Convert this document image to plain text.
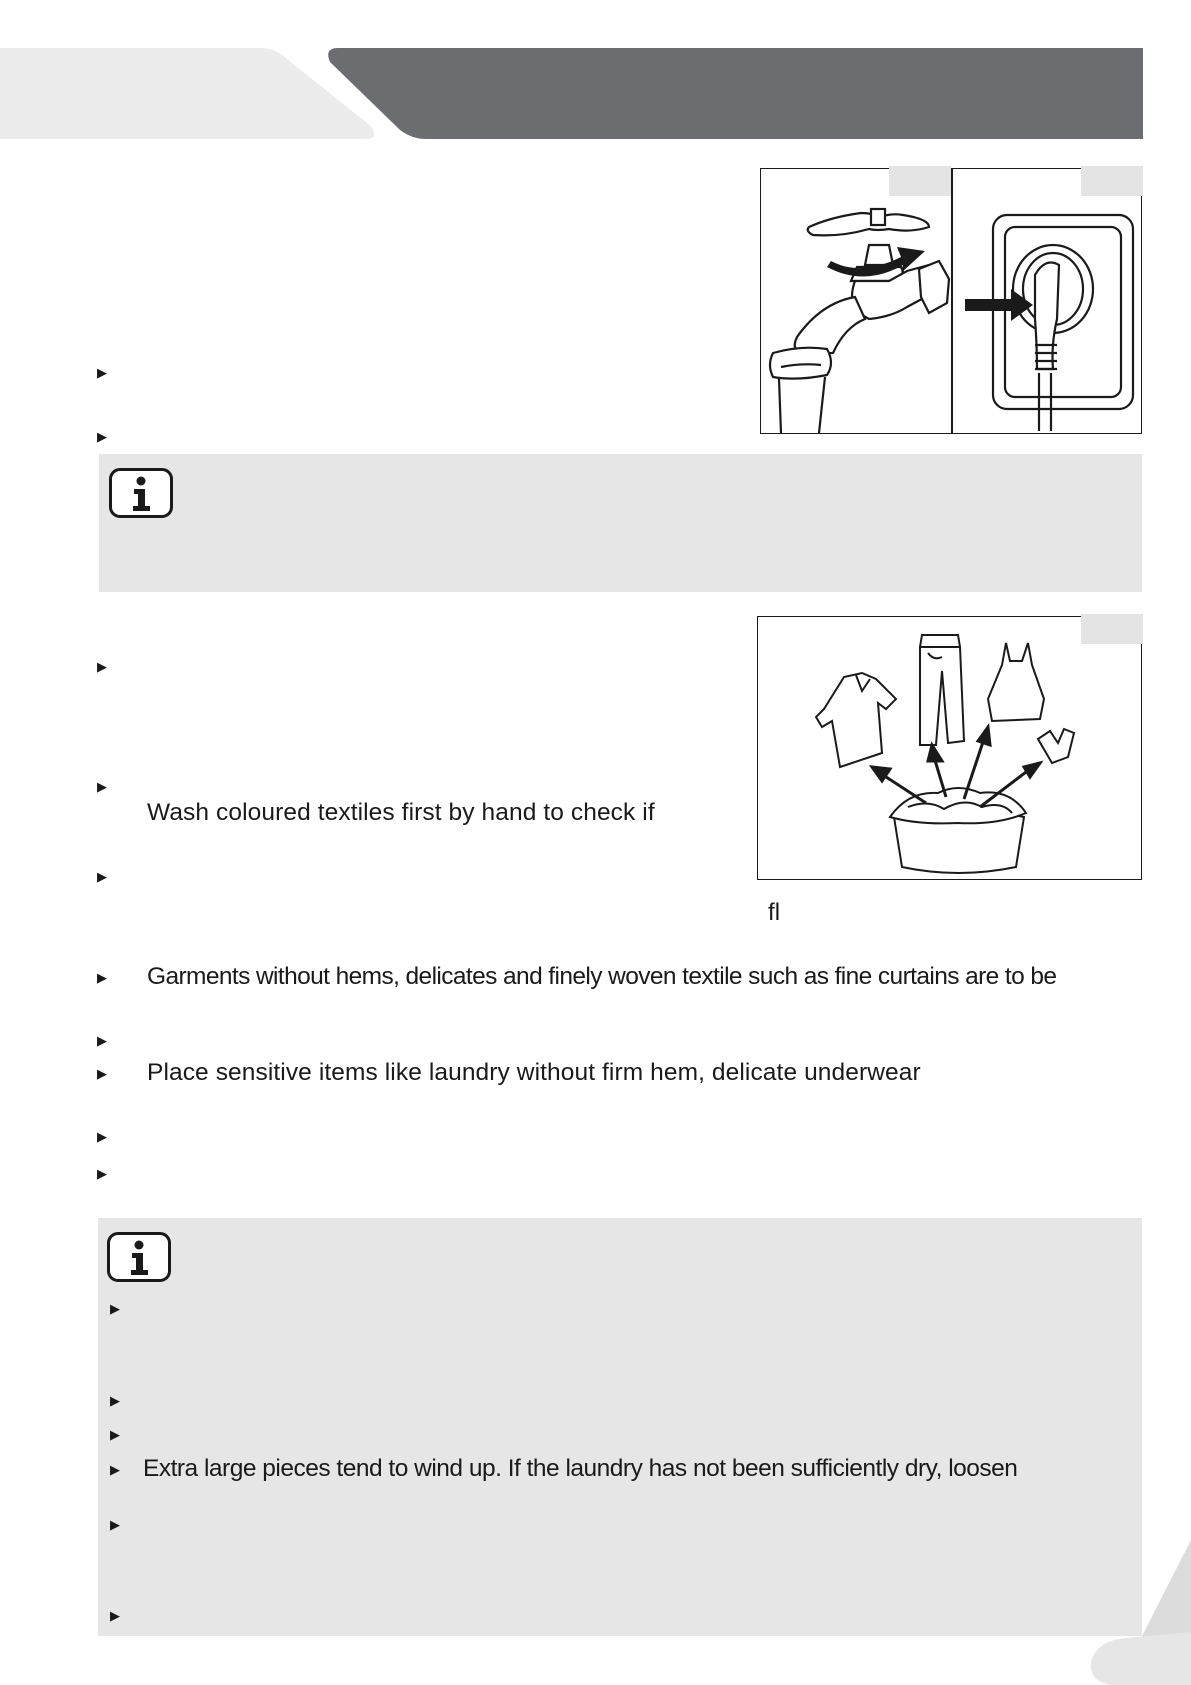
▶
▶
fl
▶
▶
Wash coloured textiles first by hand to check if
▶
▶ Garments without hems, delicates and finely woven textile such as fine curtains are to be
▶
▶ Place sensitive items like laundry without firm hem, delicate underwear
▶
▶
▶
▶
▶
▶ Extra large pieces tend to wind up. If the laundry has not been sufficiently dry, loosen
▶
▶
